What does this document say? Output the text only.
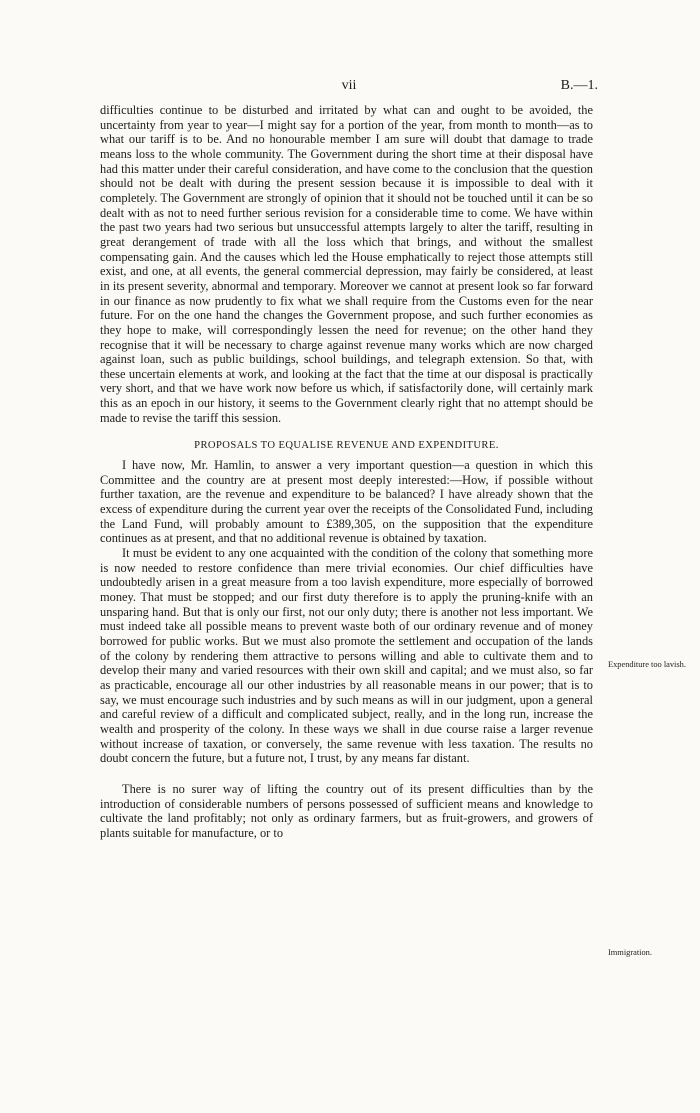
vii	B.—1.

difficulties continue to be disturbed and irritated by what can and ought to be avoided, the uncertainty from year to year—I might say for a portion of the year, from month to month—as to what our tariff is to be. And no honourable member I am sure will doubt that damage to trade means loss to the whole community. The Government during the short time at their disposal have had this matter under their careful consideration, and have come to the conclusion that the question should not be dealt with during the present session because it is impossible to deal with it completely. The Government are strongly of opinion that it should not be touched until it can be so dealt with as not to need further serious revision for a considerable time to come. We have within the past two years had two serious but unsuccessful attempts largely to alter the tariff, resulting in great derangement of trade with all the loss which that brings, and without the smallest compensating gain. And the causes which led the House emphatically to reject those attempts still exist, and one, at all events, the general commercial depression, may fairly be considered, at least in its present severity, abnormal and temporary. Moreover we cannot at present look so far forward in our finance as now prudently to fix what we shall require from the Customs even for the near future. For on the one hand the changes the Government propose, and such further economies as they hope to make, will correspondingly lessen the need for revenue; on the other hand they recognise that it will be necessary to charge against revenue many works which are now charged against loan, such as public buildings, school buildings, and telegraph extension. So that, with these uncertain elements at work, and looking at the fact that the time at our disposal is practically very short, and that we have work now before us which, if satisfactorily done, will certainly mark this as an epoch in our history, it seems to the Government clearly right that no attempt should be made to revise the tariff this session.

PROPOSALS TO EQUALISE REVENUE AND EXPENDITURE.

I have now, Mr. Hamlin, to answer a very important question—a question in which this Committee and the country are at present most deeply interested:—How, if possible without further taxation, are the revenue and expenditure to be balanced? I have already shown that the excess of expenditure during the current year over the receipts of the Consolidated Fund, including the Land Fund, will probably amount to £389,305, on the supposition that the expenditure continues as at present, and that no additional revenue is obtained by taxation.

It must be evident to any one acquainted with the condition of the colony that something more is now needed to restore confidence than mere trivial economies. Our chief difficulties have undoubtedly arisen in a great measure from a too lavish expenditure, more especially of borrowed money. That must be stopped; and our first duty therefore is to apply the pruning-knife with an unsparing hand. But that is only our first, not our only duty; there is another not less important. We must indeed take all possible means to prevent waste both of our ordinary revenue and of money borrowed for public works. But we must also promote the settlement and occupation of the lands of the colony by rendering them attractive to persons willing and able to cultivate them and to develop their many and varied resources with their own skill and capital; and we must also, so far as practicable, encourage all our other industries by all reasonable means in our power; that is to say, we must encourage such industries and by such means as will in our judgment, upon a general and careful review of a difficult and complicated subject, really, and in the long run, increase the wealth and prosperity of the colony. In these ways we shall in due course raise a larger revenue without increase of taxation, or conversely, the same revenue with less taxation. The results no doubt concern the future, but a future not, I trust, by any means far distant.

There is no surer way of lifting the country out of its present difficulties than by the introduction of considerable numbers of persons possessed of sufficient means and knowledge to cultivate the land profitably; not only as ordinary farmers, but as fruit-growers, and growers of plants suitable for manufacture, or to

Expenditure too lavish.
Immigration.
